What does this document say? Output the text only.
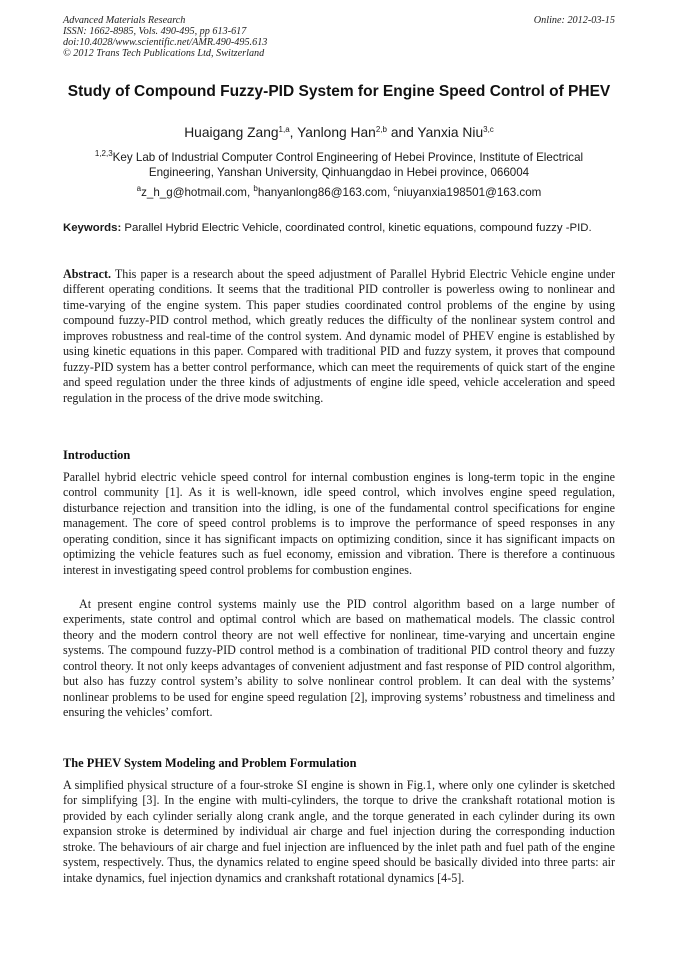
Advanced Materials Research
ISSN: 1662-8985, Vols. 490-495, pp 613-617
doi:10.4028/www.scientific.net/AMR.490-495.613
© 2012 Trans Tech Publications Ltd, Switzerland
Online: 2012-03-15
Study of Compound Fuzzy-PID System for Engine Speed Control of PHEV
Huaigang Zang$^{1,a}$, Yanlong Han$^{2,b}$ and Yanxia Niu$^{3,c}$
$^{1,2,3}$Key Lab of Industrial Computer Control Engineering of Hebei Province, Institute of Electrical
Engineering, Yanshan University, Qinhuangdao in Hebei province, 066004
$^a$z_h_g@hotmail.com, $^b$hanyanlong86@163.com, $^c$niuyanxia198501@163.com
Keywords: Parallel Hybrid Electric Vehicle, coordinated control, kinetic equations, compound fuzzy -PID.
Abstract. This paper is a research about the speed adjustment of Parallel Hybrid Electric Vehicle engine under different operating conditions. It seems that the traditional PID controller is powerless owing to nonlinear and time-varying of the engine system. This paper studies coordinated control problems of the engine by using compound fuzzy-PID control method, which greatly reduces the difficulty of the nonlinear system control and improves robustness and real-time of the control system. And dynamic model of PHEV engine is established by using kinetic equations in this paper. Compared with traditional PID and fuzzy system, it proves that compound fuzzy-PID system has a better control performance, which can meet the requirements of quick start of the engine and speed regulation under the three kinds of adjustments of engine idle speed, vehicle acceleration and speed regulation in the process of the drive mode switching.
Introduction
Parallel hybrid electric vehicle speed control for internal combustion engines is long-term topic in the engine control community [1]. As it is well-known, idle speed control, which involves engine speed regulation, disturbance rejection and transition into the idling, is one of the fundamental control specifications for engine management. The core of speed control problems is to improve the performance of speed responses in any operating condition, since it has significant impacts on optimizing condition, since it has significant impacts on optimizing the vehicle features such as fuel economy, emission and vibration. There is therefore a continuous interest in investigating speed control problems for combustion engines.
At present engine control systems mainly use the PID control algorithm based on a large number of experiments, state control and optimal control which are based on mathematical models. The classic control theory and the modern control theory are not well effective for nonlinear, time-varying and uncertain engine systems. The compound fuzzy-PID control method is a combination of traditional PID control theory and fuzzy control theory. It not only keeps advantages of convenient adjustment and fast response of PID control algorithm, but also has fuzzy control system’s ability to solve nonlinear control problem. It can deal with the systems’ nonlinear problems to be used for engine speed regulation [2], improving systems’ robustness and timeliness and ensuring the vehicles’ comfort.
The PHEV System Modeling and Problem Formulation
A simplified physical structure of a four-stroke SI engine is shown in Fig.1, where only one cylinder is sketched for simplifying [3]. In the engine with multi-cylinders, the torque to drive the crankshaft rotational motion is provided by each cylinder serially along crank angle, and the torque generated in each cylinder during its own expansion stroke is determined by individual air charge and fuel injection during the corresponding induction stroke. The behaviours of air charge and fuel injection are influenced by the inlet path and fuel path of the engine system, respectively. Thus, the dynamics related to engine speed should be basically divided into three parts: air intake dynamics, fuel injection dynamics and crankshaft rotational dynamics [4-5].
